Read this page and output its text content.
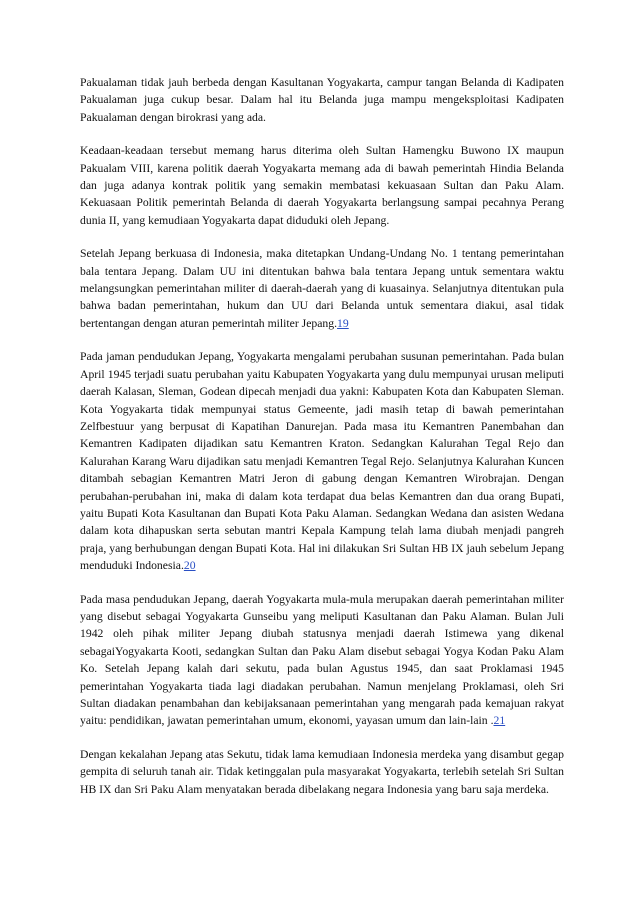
Pakualaman tidak jauh berbeda dengan Kasultanan Yogyakarta, campur tangan Belanda di Kadipaten Pakualaman juga cukup besar. Dalam hal itu Belanda juga mampu mengeksploitasi Kadipaten Pakualaman dengan birokrasi yang ada.

Keadaan-keadaan tersebut memang harus diterima oleh Sultan Hamengku Buwono IX maupun Pakualam VIII, karena politik daerah Yogyakarta memang ada di bawah pemerintah Hindia Belanda dan juga adanya kontrak politik yang semakin membatasi kekuasaan Sultan dan Paku Alam. Kekuasaan Politik pemerintah Belanda di daerah Yogyakarta berlangsung sampai pecahnya Perang dunia II, yang kemudiaan Yogyakarta dapat diduduki oleh Jepang.

Setelah Jepang berkuasa di Indonesia, maka ditetapkan Undang-Undang No. 1 tentang pemerintahan bala tentara Jepang. Dalam UU ini ditentukan bahwa bala tentara Jepang untuk sementara waktu melangsungkan pemerintahan militer di daerah-daerah yang di kuasainya. Selanjutnya ditentukan pula bahwa badan pemerintahan, hukum dan UU dari Belanda untuk sementara diakui, asal tidak bertentangan dengan aturan pemerintah militer Jepang.19

Pada jaman pendudukan Jepang, Yogyakarta mengalami perubahan susunan pemerintahan. Pada bulan April 1945 terjadi suatu perubahan yaitu Kabupaten Yogyakarta yang dulu mempunyai urusan meliputi daerah Kalasan, Sleman, Godean dipecah menjadi dua yakni: Kabupaten Kota dan Kabupaten Sleman. Kota Yogyakarta tidak mempunyai status Gemeente, jadi masih tetap di bawah pemerintahan Zelfbestuur yang berpusat di Kapatihan Danurejan. Pada masa itu Kemantren Panembahan dan Kemantren Kadipaten dijadikan satu Kemantren Kraton. Sedangkan Kalurahan Tegal Rejo dan Kalurahan Karang Waru dijadikan satu menjadi Kemantren Tegal Rejo. Selanjutnya Kalurahan Kuncen ditambah sebagian Kemantren Matri Jeron di gabung dengan Kemantren Wirobrajan. Dengan perubahan-perubahan ini, maka di dalam kota terdapat dua belas Kemantren dan dua orang Bupati, yaitu Bupati Kota Kasultanan dan Bupati Kota Paku Alaman. Sedangkan Wedana dan asisten Wedana dalam kota dihapuskan serta sebutan mantri Kepala Kampung telah lama diubah menjadi pangreh praja, yang berhubungan dengan Bupati Kota. Hal ini dilakukan Sri Sultan HB IX jauh sebelum Jepang menduduki Indonesia.20

Pada masa pendudukan Jepang, daerah Yogyakarta mula-mula merupakan daerah pemerintahan militer yang disebut sebagai Yogyakarta Gunseibu yang meliputi Kasultanan dan Paku Alaman. Bulan Juli 1942 oleh pihak militer Jepang diubah statusnya menjadi daerah Istimewa yang dikenal sebagaiYogyakarta Kooti, sedangkan Sultan dan Paku Alam disebut sebagai Yogya Kodan Paku Alam Ko. Setelah Jepang kalah dari sekutu, pada bulan Agustus 1945, dan saat Proklamasi 1945 pemerintahan Yogyakarta tiada lagi diadakan perubahan. Namun menjelang Proklamasi, oleh Sri Sultan diadakan penambahan dan kebijaksanaan pemerintahan yang mengarah pada kemajuan rakyat yaitu: pendidikan, jawatan pemerintahan umum, ekonomi, yayasan umum dan lain-lain .21

Dengan kekalahan Jepang atas Sekutu, tidak lama kemudiaan Indonesia merdeka yang disambut gegap gempita di seluruh tanah air. Tidak ketinggalan pula masyarakat Yogyakarta, terlebih setelah Sri Sultan HB IX dan Sri Paku Alam menyatakan berada dibelakang negara Indonesia yang baru saja merdeka.
